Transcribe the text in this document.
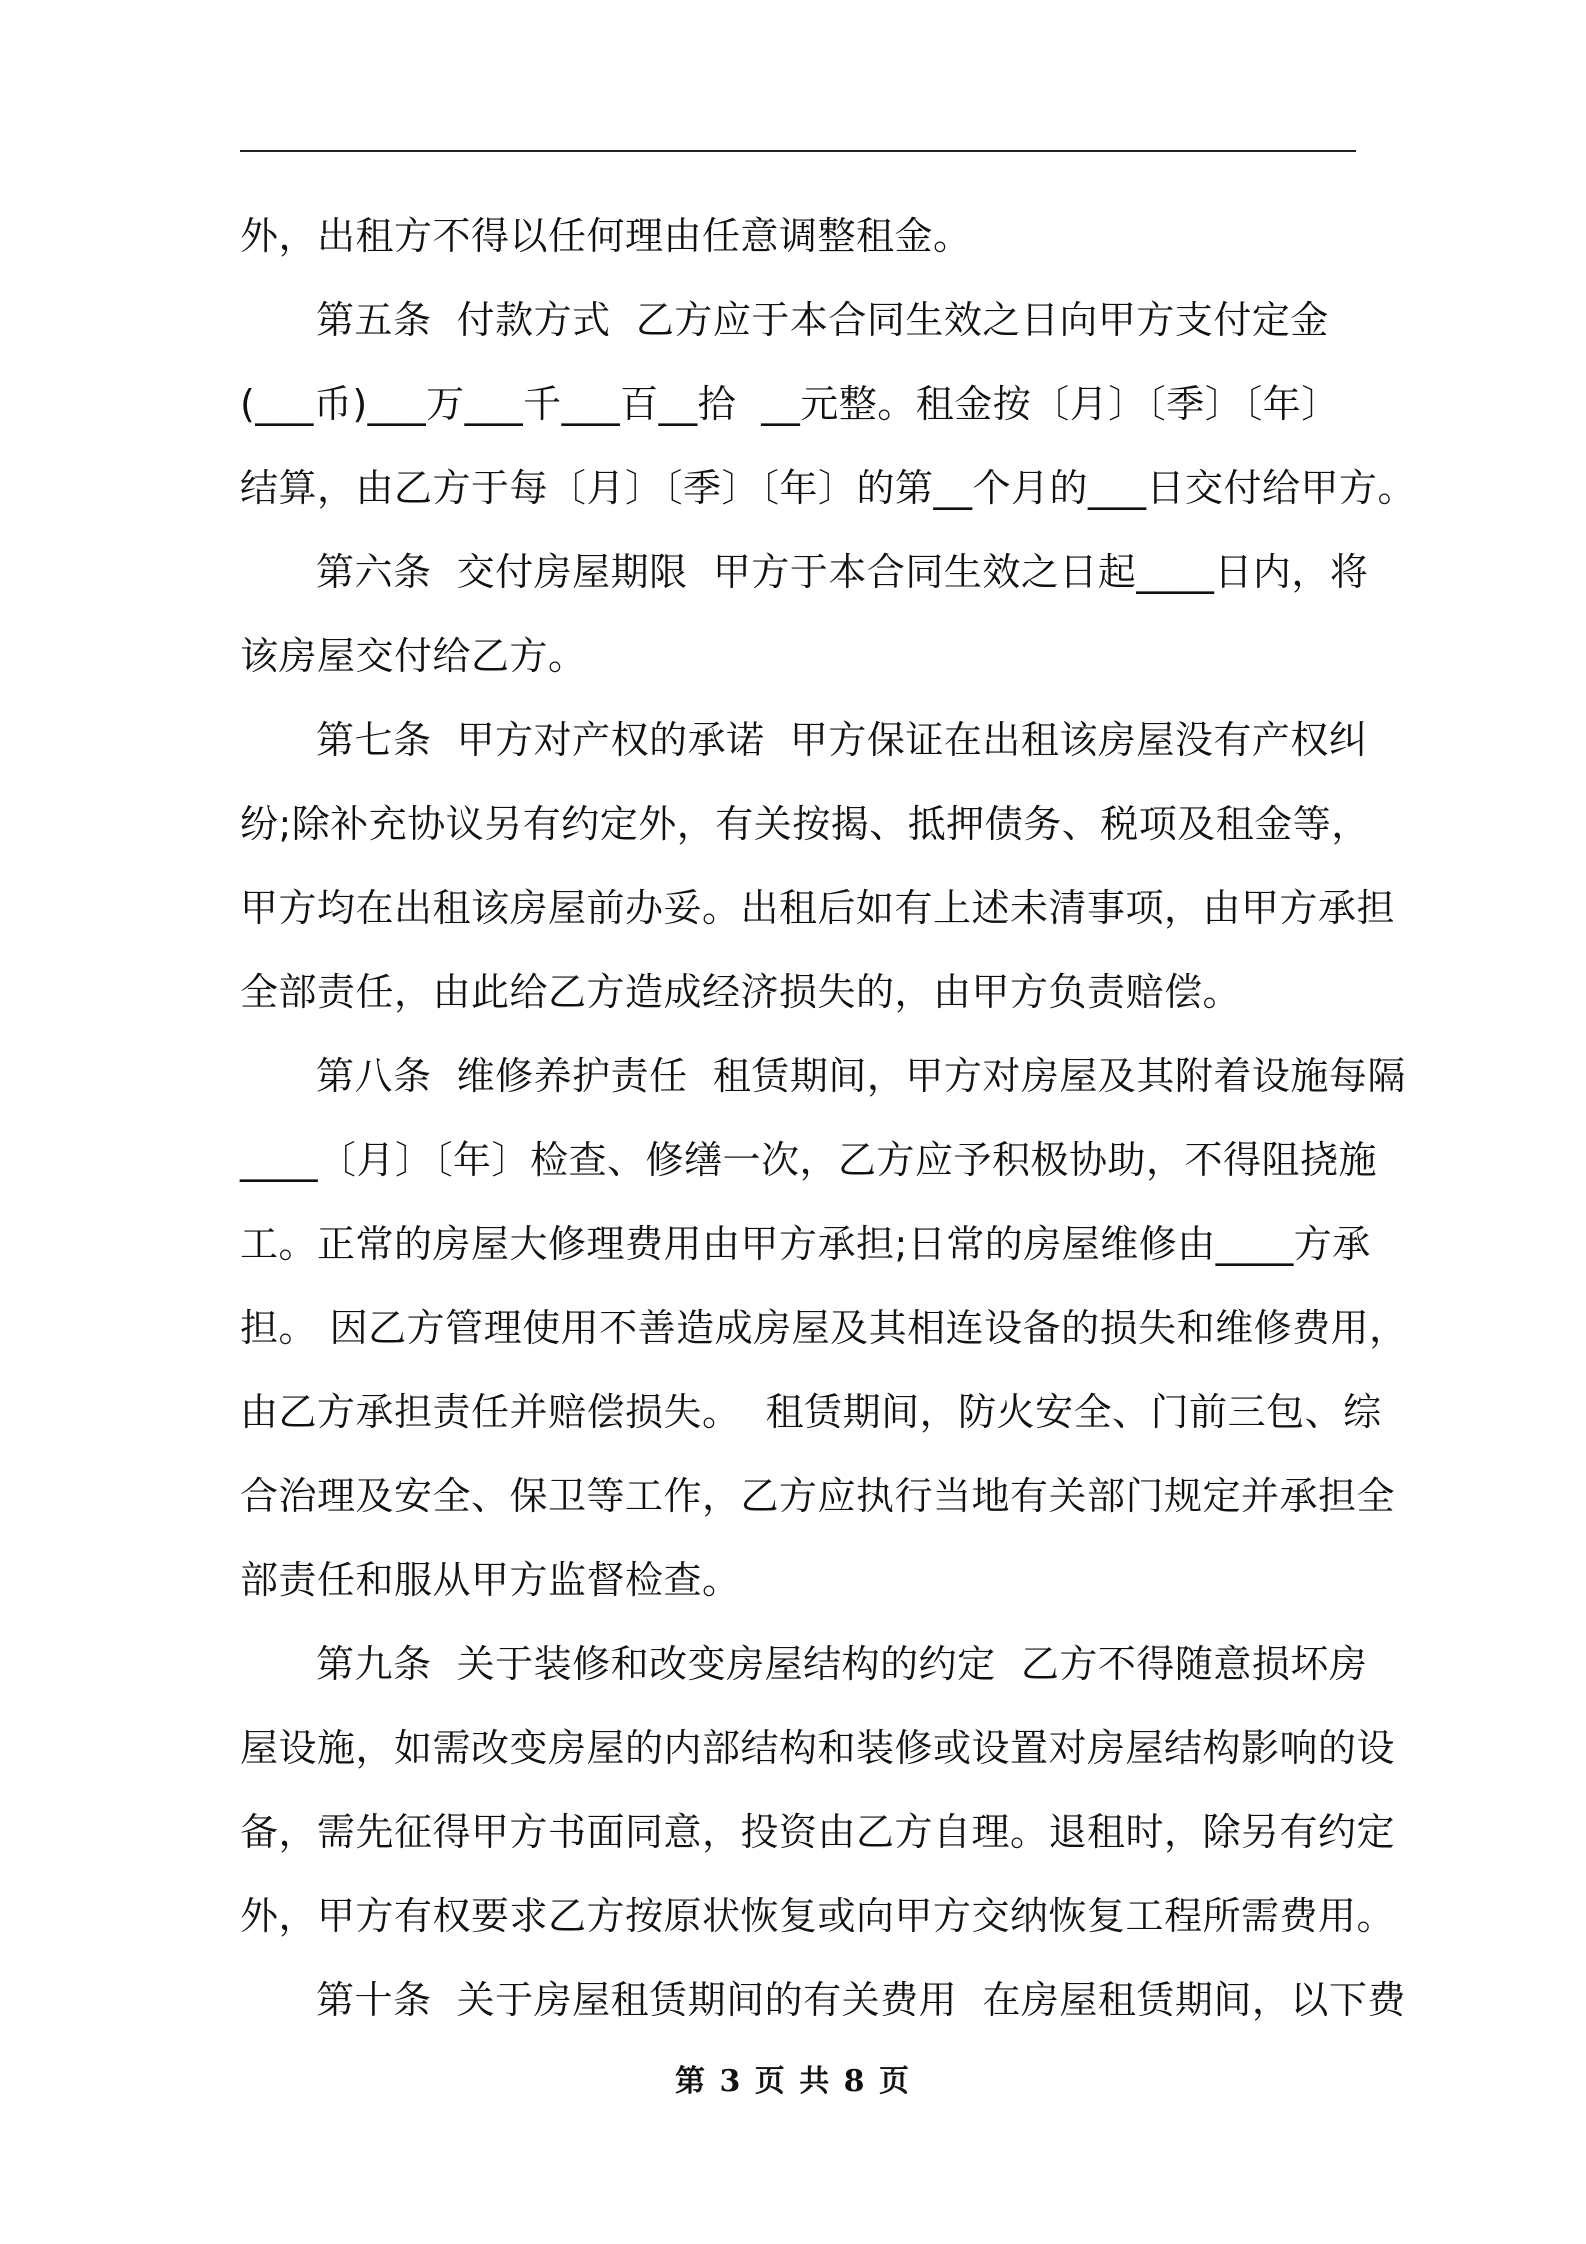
外，出租方不得以任何理由任意调整租金。
第五条  付款方式  乙方应于本合同生效之日向甲方支付定金
(___币)___万___千___百__拾  __元整。租金按〔月〕〔季〕〔年〕
结算，由乙方于每〔月〕〔季〕〔年〕的第__个月的___日交付给甲方。
第六条  交付房屋期限  甲方于本合同生效之日起____日内，将
该房屋交付给乙方。
第七条  甲方对产权的承诺  甲方保证在出租该房屋没有产权纠
纷;除补充协议另有约定外，有关按揭、抵押债务、税项及租金等，
甲方均在出租该房屋前办妥。出租后如有上述未清事项，由甲方承担
全部责任，由此给乙方造成经济损失的，由甲方负责赔偿。
第八条  维修养护责任  租赁期间，甲方对房屋及其附着设施每隔
____〔月〕〔年〕检查、修缮一次，乙方应予积极协助，不得阻挠施
工。正常的房屋大修理费用由甲方承担;日常的房屋维修由____方承
担。 因乙方管理使用不善造成房屋及其相连设备的损失和维修费用，
由乙方承担责任并赔偿损失。  租赁期间，防火安全、门前三包、综
合治理及安全、保卫等工作，乙方应执行当地有关部门规定并承担全
部责任和服从甲方监督检查。
第九条  关于装修和改变房屋结构的约定  乙方不得随意损坏房
屋设施，如需改变房屋的内部结构和装修或设置对房屋结构影响的设
备，需先征得甲方书面同意，投资由乙方自理。退租时，除另有约定
外，甲方有权要求乙方按原状恢复或向甲方交纳恢复工程所需费用。
第十条  关于房屋租赁期间的有关费用  在房屋租赁期间，以下费
第 3 页 共 8 页
